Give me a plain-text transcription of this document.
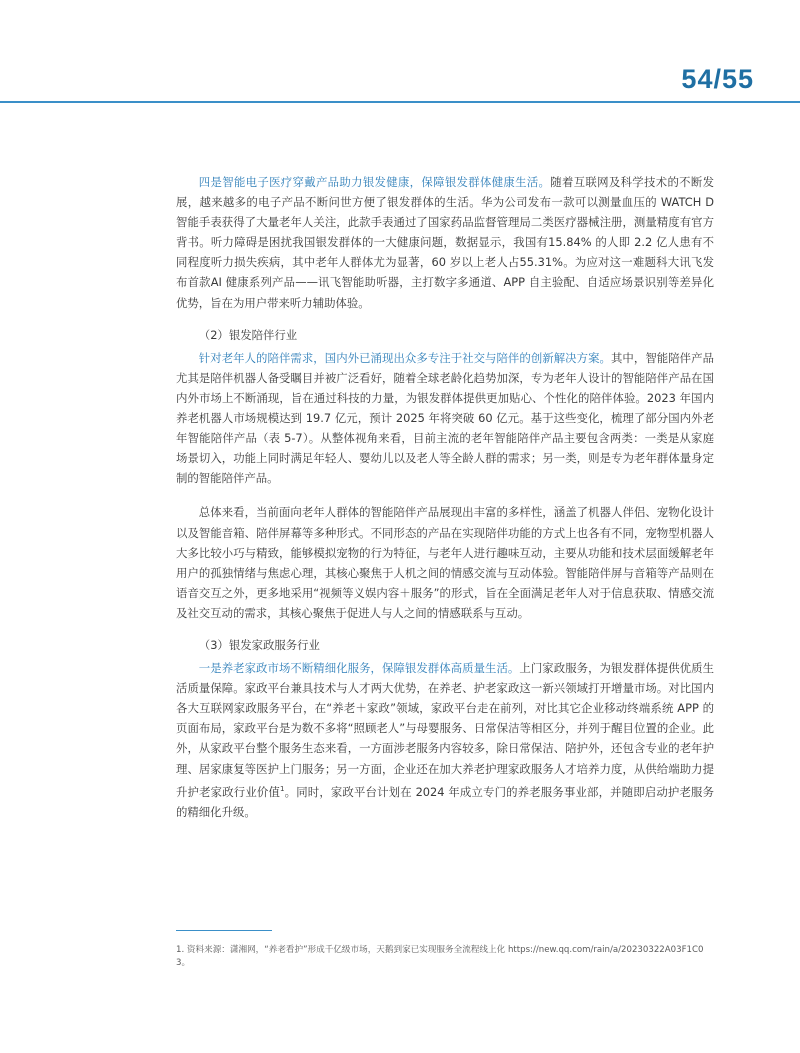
54/55

四是智能电子医疗穿戴产品助力银发健康，保障银发群体健康生活。随着互联网及科学技术的不断发展，越来越多的电子产品不断问世方便了银发群体的生活。华为公司发布一款可以测量血压的 WATCH D 智能手表获得了大量老年人关注，此款手表通过了国家药品监督管理局二类医疗器械注册，测量精度有官方背书。听力障碍是困扰我国银发群体的一大健康问题，数据显示，我国有15.84% 的人即 2.2 亿人患有不同程度听力损失疾病，其中老年人群体尤为显著，60 岁以上老人占55.31%。为应对这一难题科大讯飞发布首款AI 健康系列产品——讯飞智能助听器，主打数字多通道、APP 自主验配、自适应场景识别等差异化优势，旨在为用户带来听力辅助体验。

（2）银发陪伴行业

针对老年人的陪伴需求，国内外已涌现出众多专注于社交与陪伴的创新解决方案。其中，智能陪伴产品尤其是陪伴机器人备受瞩目并被广泛看好，随着全球老龄化趋势加深，专为老年人设计的智能陪伴产品在国内外市场上不断涌现，旨在通过科技的力量，为银发群体提供更加贴心、个性化的陪伴体验。2023 年国内养老机器人市场规模达到 19.7 亿元，预计 2025 年将突破 60 亿元。基于这些变化，梳理了部分国内外老年智能陪伴产品（表 5-7）。从整体视角来看，目前主流的老年智能陪伴产品主要包含两类：一类是从家庭场景切入，功能上同时满足年轻人、婴幼儿以及老人等全龄人群的需求；另一类，则是专为老年群体量身定制的智能陪伴产品。

总体来看，当前面向老年人群体的智能陪伴产品展现出丰富的多样性，涵盖了机器人伴侣、宠物化设计以及智能音箱、陪伴屏幕等多种形式。不同形态的产品在实现陪伴功能的方式上也各有不同，宠物型机器人大多比较小巧与精致，能够模拟宠物的行为特征，与老年人进行趣味互动，主要从功能和技术层面缓解老年用户的孤独情绪与焦虑心理，其核心聚焦于人机之间的情感交流与互动体验。智能陪伴屏与音箱等产品则在语音交互之外，更多地采用“视频等义娱内容＋服务”的形式，旨在全面满足老年人对于信息获取、情感交流及社交互动的需求，其核心聚焦于促进人与人之间的情感联系与互动。

（3）银发家政服务行业

一是养老家政市场不断精细化服务，保障银发群体高质量生活。上门家政服务，为银发群体提供优质生活质量保障。家政平台兼具技术与人才两大优势，在养老、护老家政这一新兴领域打开增量市场。对比国内各大互联网家政服务平台，在“养老＋家政”领域，家政平台走在前列，对比其它企业移动终端系统 APP 的页面布局，家政平台是为数不多将“照顾老人”与母婴服务、日常保洁等相区分，并列于醒目位置的企业。此外，从家政平台整个服务生态来看，一方面涉老服务内容较多，除日常保洁、陪护外，还包含专业的老年护理、居家康复等医护上门服务；另一方面，企业还在加大养老护理家政服务人才培养力度，从供给端助力提升护老家政行业价值$^1$。同时，家政平台计划在 2024 年成立专门的养老服务事业部，并随即启动护老服务的精细化升级。

1. 资料来源：潇湘网，“养老看护”形成千亿级市场，天鹅到家已实现服务全流程线上化 https://new.qq.com/rain/a/20230322A03F1C03。
